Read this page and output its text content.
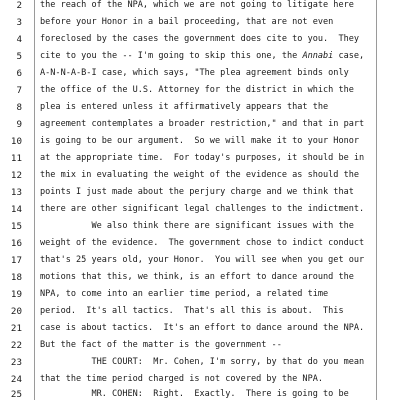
2 the reach of the NPA, which we are not going to litigate here
3 before your Honor in a bail proceeding, that are not even
4 foreclosed by the cases the government does cite to you.  They
5 cite to you the -- I'm going to skip this one, the Annabi case,
6 A-N-N-A-B-I case, which says, "The plea agreement binds only
7 the office of the U.S. Attorney for the district in which the
8 plea is entered unless it affirmatively appears that the
9 agreement contemplates a broader restriction," and that in part
10 is going to be our argument.  So we will make it to your Honor
11 at the appropriate time.  For today's purposes, it should be in
12 the mix in evaluating the weight of the evidence as should the
13 points I just made about the perjury charge and we think that
14 there are other significant legal challenges to the indictment.
15 We also think there are significant issues with the
16 weight of the evidence.  The government chose to indict conduct
17 that's 25 years old, your Honor.  You will see when you get our
18 motions that this, we think, is an effort to dance around the
19 NPA, to come into an earlier time period, a related time
20 period.  It's all tactics.  That's all this is about.  This
21 case is about tactics.  It's an effort to dance around the NPA.
22 But the fact of the matter is the government --
23 THE COURT:  Mr. Cohen, I'm sorry, by that do you mean
24 that the time period charged is not covered by the NPA.
25 MR. COHEN:  Right.  Exactly.  There is going to be
